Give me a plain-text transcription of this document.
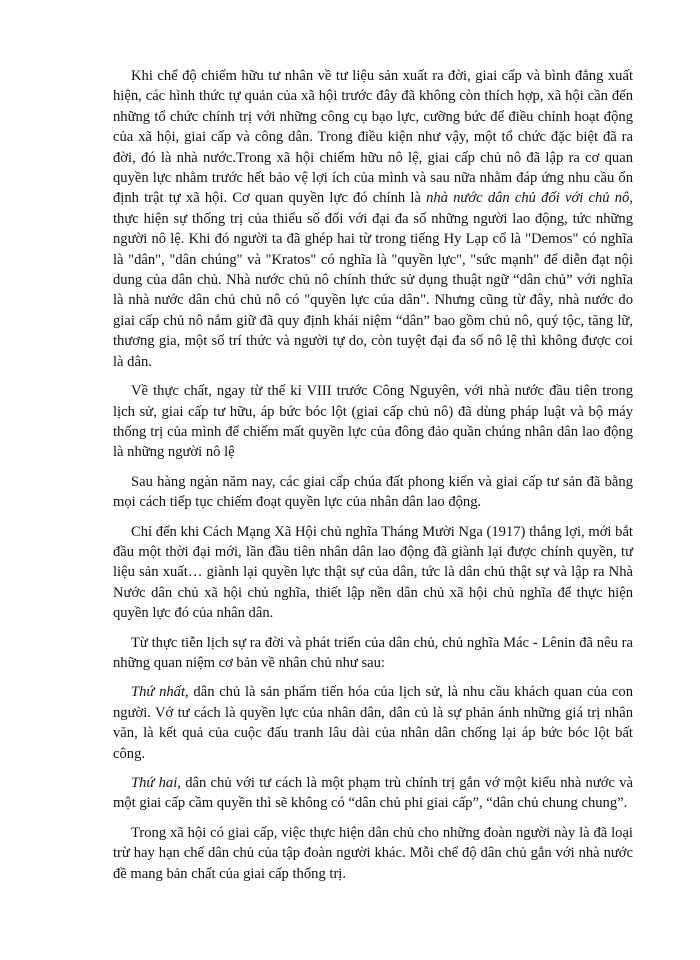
Khi chế độ chiếm hữu tư nhân về tư liệu sản xuất ra đời, giai cấp và bình đẳng xuất hiện, các hình thức tự quản của xã hội trước đây đã không còn thích hợp, xã hội cần đến những tổ chức chính trị với những công cụ bạo lực, cưỡng bức để điều chỉnh hoạt động của xã hội, giai cấp và công dân. Trong điều kiện như vậy, một tổ chức đặc biệt đã ra đời, đó là nhà nước.Trong xã hội chiếm hữu nô lệ, giai cấp chủ nô đã lập ra cơ quan quyền lực nhằm trước hết bảo vệ lợi ích của mình và sau nữa nhằm đáp ứng nhu cầu ổn định trật tự xã hội. Cơ quan quyền lực đó chính là nhà nước dân chủ đối với chủ nô, thực hiện sự thống trị của thiểu số đối với đại đa số những người lao động, tức những người nô lệ. Khi đó người ta đã ghép hai từ trong tiếng Hy Lạp cổ là "Demos" có nghĩa là "dân", "dân chúng" và "Kratos" có nghĩa là "quyền lực", "sức mạnh" để diễn đạt nội dung của dân chủ. Nhà nước chủ nô chính thức sử dụng thuật ngữ “dân chủ” với nghĩa là nhà nước dân chủ chủ nô có "quyền lực của dân". Nhưng cũng từ đây, nhà nước do giai cấp chủ nô nắm giữ đã quy định khái niệm “dân” bao gồm chủ nô, quý tộc, tăng lữ, thương gia, một số trí thức và người tự do, còn tuyệt đại đa số nô lệ thì không được coi là dân.

Về thực chất, ngay từ thế kỉ VIII trước Công Nguyên, với nhà nước đầu tiên trong lịch sử, giai cấp tư hữu, áp bức bóc lột (giai cấp chủ nô) đã dùng pháp luật và bộ máy thống trị của mình để chiếm mất quyền lực của đông đảo quần chúng nhân dân lao động là những người nô lệ

Sau hàng ngàn năm nay, các giai cấp chúa đất phong kiến và giai cấp tư sản đã bằng mọi cách tiếp tục chiếm đoạt quyền lực của nhân dân lao động.

Chỉ đến khi Cách Mạng Xã Hội chủ nghĩa Tháng Mười Nga (1917) thắng lợi, mới bắt đầu một thời đại mới, lần đầu tiên nhân dân lao động đã giành lại được chính quyền, tư liệu sản xuất… giành lại quyền lực thật sự của dân, tức là dân chủ thật sự và lập ra Nhà Nước dân chủ xã hội chủ nghĩa, thiết lập nền dân chủ xã hội chủ nghĩa để thực hiện quyền lực đó của nhân dân.

Từ thực tiễn lịch sự ra đời và phát triển của dân chủ, chủ nghĩa Mác - Lênin đã nêu ra những quan niệm cơ bản về nhân chủ như sau:

Thứ nhất, dân chủ là sản phẩm tiến hóa của lịch sử, là nhu cầu khách quan của con người. Vớ tư cách là quyền lực của nhân dân, dân củ là sự phản ánh những giá trị nhân văn, là kết quả của cuộc đấu tranh lâu dài của nhân dân chống lại áp bức bóc lột bất công.

Thứ hai, dân chủ với tư cách là một phạm trù chính trị gắn vớ một kiểu nhà nước và một giai cấp cầm quyền thì sẽ không có “dân chủ phi giai cấp”, “dân chủ chung chung”.

Trong xã hội có giai cấp, việc thực hiện dân chủ cho những đoàn người này là đã loại trừ hay hạn chế dân chủ của tập đoàn người khác. Mỗi chế độ dân chủ gắn với nhà nước đề mang bản chất của giai cấp thống trị.
